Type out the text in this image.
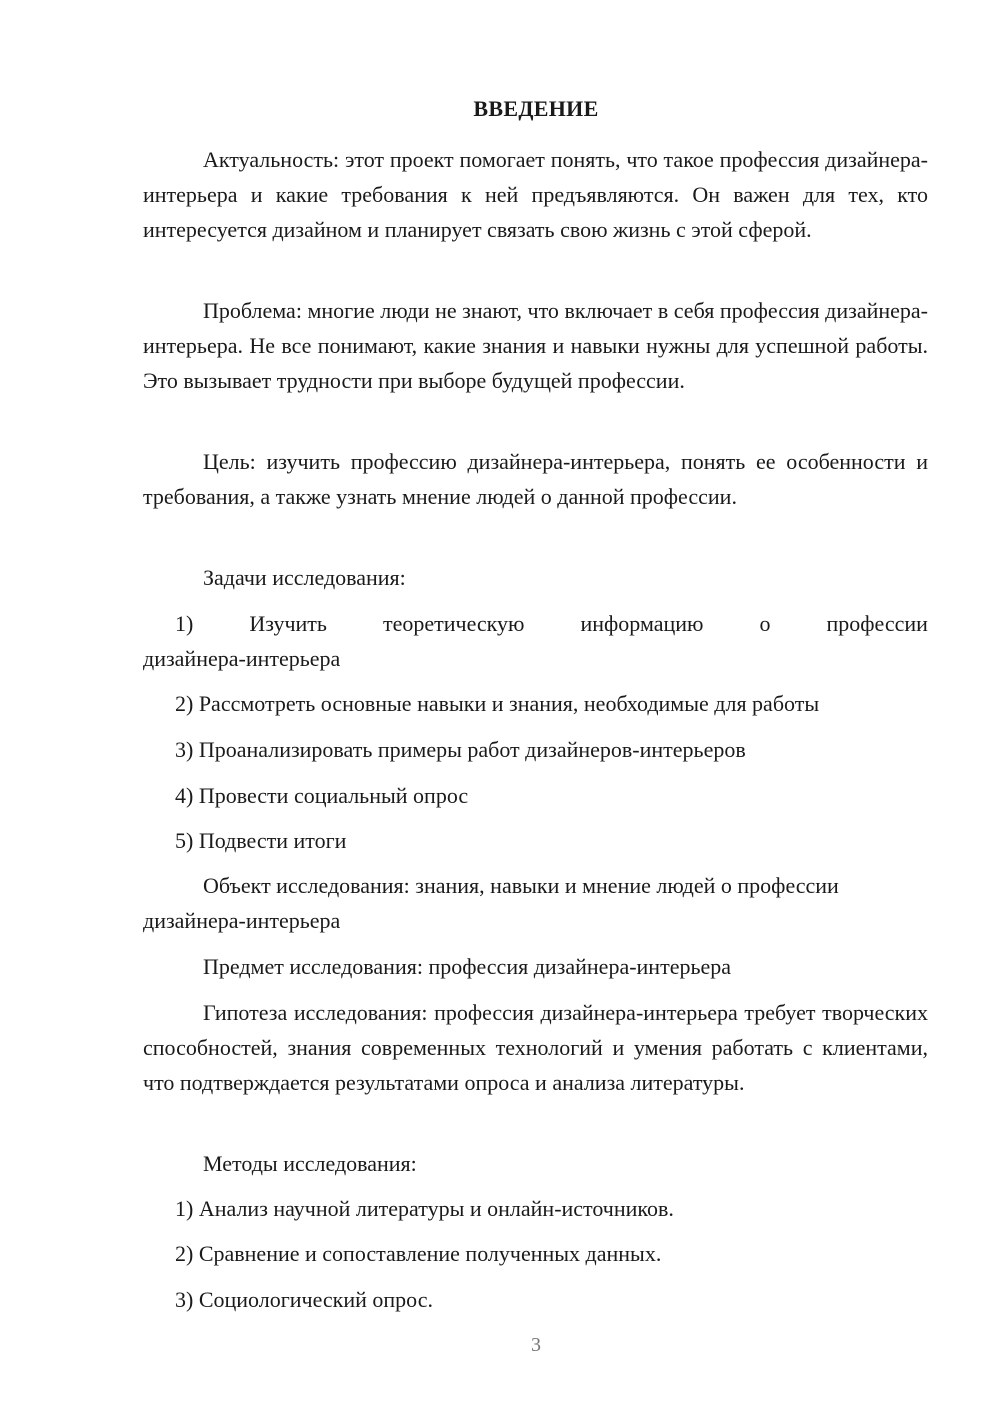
ВВЕДЕНИЕ

Актуальность: этот проект помогает понять, что такое профессия дизайнера-интерьера и какие требования к ней предъявляются. Он важен для тех, кто интересуется дизайном и планирует связать свою жизнь с этой сферой.

Проблема: многие люди не знают, что включает в себя профессия дизайнера-интерьера. Не все понимают, какие знания и навыки нужны для успешной работы. Это вызывает трудности при выборе будущей профессии.

Цель: изучить профессию дизайнера-интерьера, понять ее особенности и требования, а также узнать мнение людей о данной профессии.

Задачи исследования:
1)	Изучить	теоретическую	информацию	о	профессии
дизайнера-интерьера
2) Рассмотреть основные навыки и знания, необходимые для работы
3) Проанализировать примеры работ дизайнеров-интерьеров
4) Провести социальный опрос
5) Подвести итоги
Объект исследования: знания, навыки и мнение людей о профессии
дизайнера-интерьера
Предмет исследования: профессия дизайнера-интерьера

Гипотеза исследования: профессия дизайнера-интерьера требует творческих способностей, знания современных технологий и умения работать с клиентами, что подтверждается результатами опроса и анализа литературы.

Методы исследования:
1) Анализ научной литературы и онлайн-источников.
2) Сравнение и сопоставление полученных данных.
3) Социологический опрос.
3
